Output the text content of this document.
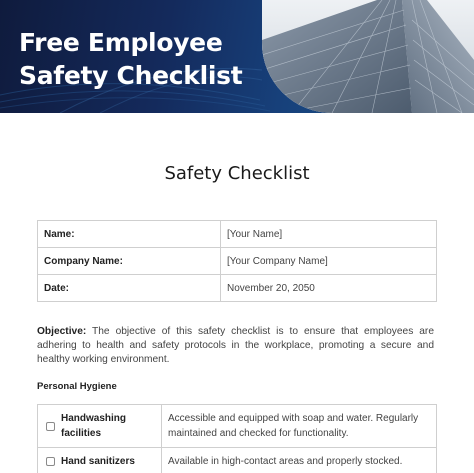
Free Employee Safety Checklist
Safety Checklist
Name:	[Your Name]
Company Name:	[Your Company Name]
Date:	November 20, 2050

Objective: The objective of this safety checklist is to ensure that employees are adhering to health and safety protocols in the workplace, promoting a secure and healthy working environment.

Personal Hygiene
Handwashing facilities	Accessible and equipped with soap and water. Regularly maintained and checked for functionality.

Hand sanitizers	Available in high-contact areas and properly stocked.
